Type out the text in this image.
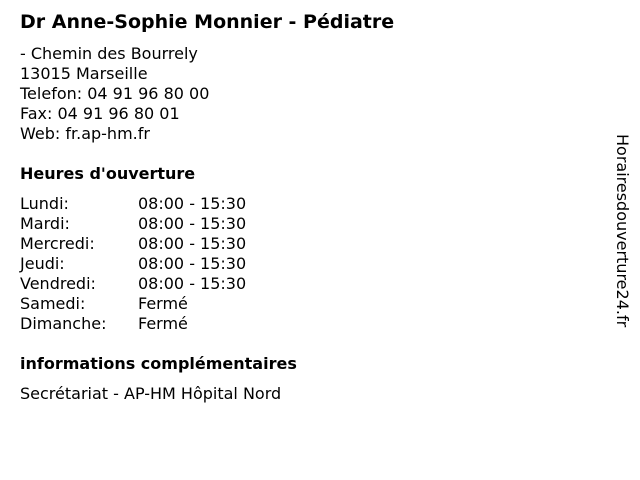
Dr Anne-Sophie Monnier - Pédiatre
- Chemin des Bourrely
13015 Marseille
Telefon: 04 91 96 80 00
Fax: 04 91 96 80 01
Web: fr.ap-hm.fr
Heures d'ouverture
Lundi:	08:00 - 15:30
Mardi:	08:00 - 15:30
Mercredi:	08:00 - 15:30
Jeudi:	08:00 - 15:30
Vendredi:	08:00 - 15:30
Samedi:	Fermé
Dimanche:	Fermé
informations complémentaires
Secrétariat - AP-HM Hôpital Nord
Horairesdouverture24.fr
